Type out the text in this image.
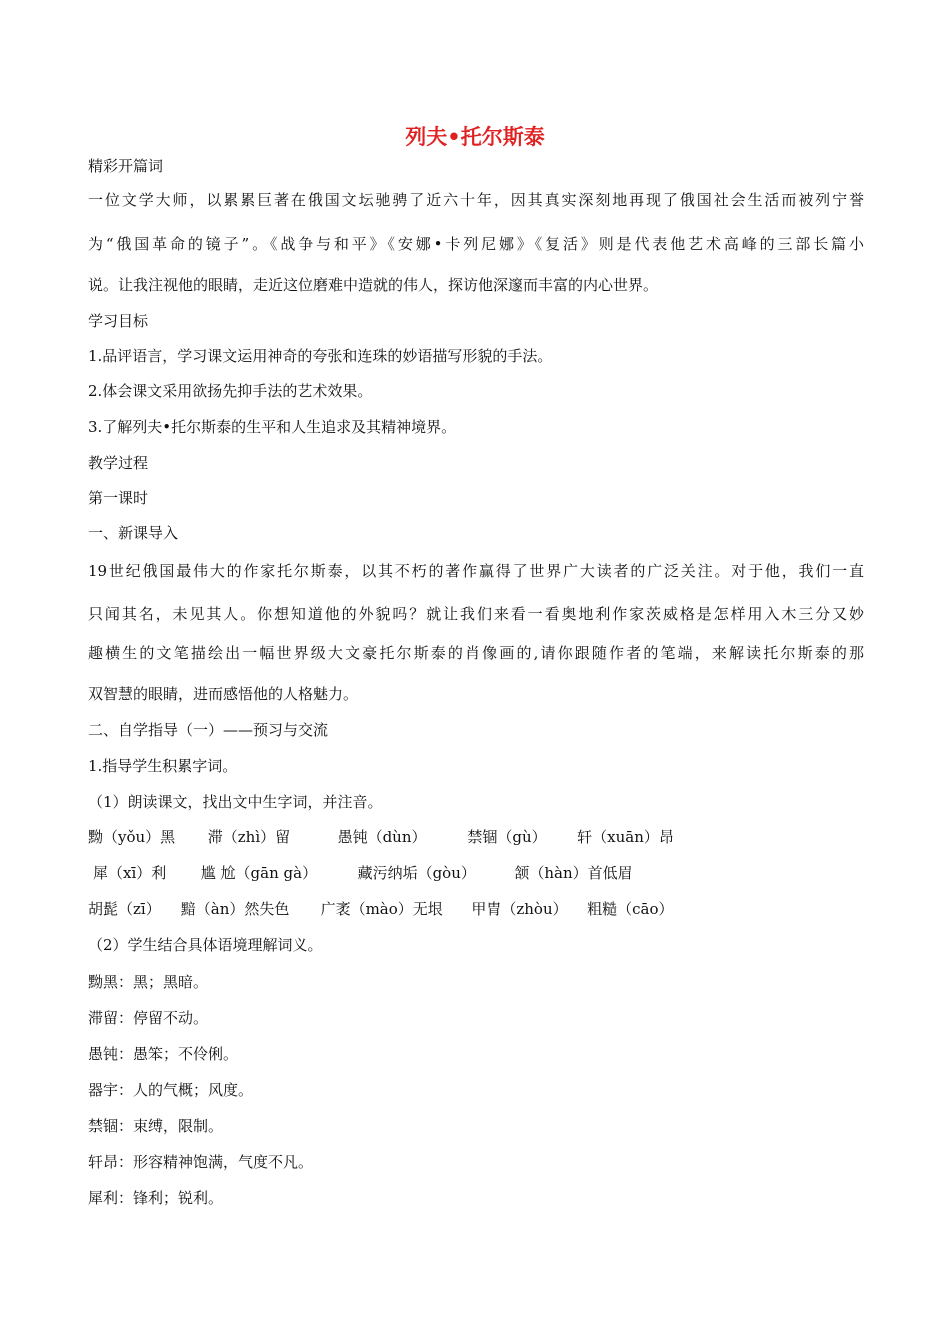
列夫•托尔斯泰
精彩开篇词
一位文学大师，以累累巨著在俄国文坛驰骋了近六十年，因其真实深刻地再现了俄国社会生活而被列宁誉
为“俄国革命的镜子”。《战争与和平》《安娜•卡列尼娜》《复活》则是代表他艺术高峰的三部长篇小
说。让我注视他的眼睛，走近这位磨难中造就的伟人，探访他深邃而丰富的内心世界。
学习目标
1.品评语言，学习课文运用神奇的夸张和连珠的妙语描写形貌的手法。
2.体会课文采用欲扬先抑手法的艺术效果。
3.了解列夫•托尔斯泰的生平和人生追求及其精神境界。
教学过程
第一课时
一、新课导入
19世纪俄国最伟大的作家托尔斯泰，以其不朽的著作赢得了世界广大读者的广泛关注。对于他，我们一直
只闻其名，未见其人。你想知道他的外貌吗？就让我们来看一看奥地利作家茨威格是怎样用入木三分又妙
趣横生的文笔描绘出一幅世界级大文豪托尔斯泰的肖像画的,请你跟随作者的笔端，来解读托尔斯泰的那
双智慧的眼睛，进而感悟他的人格魅力。
二、自学指导（一）——预习与交流
1.指导学生积累字词。
（1）朗读课文，找出文中生字词，并注音。
黝（yǒu）黑 滞（zhì）留	愚钝（dùn）	禁锢（gù） 轩（xuān）昂
犀（xī）利 尴 尬（gān gà）	藏污纳垢（gòu）	颔（hàn）首低眉
胡髭（zī） 黯（àn）然失色 广袤（mào）无垠 甲胄（zhòu） 粗糙（cāo）
（2）学生结合具体语境理解词义。
黝黑：黑；黑暗。
滞留：停留不动。
愚钝：愚笨；不伶俐。
器宇：人的气概；风度。
禁锢：束缚，限制。
轩昂：形容精神饱满，气度不凡。
犀利：锋利；锐利。
